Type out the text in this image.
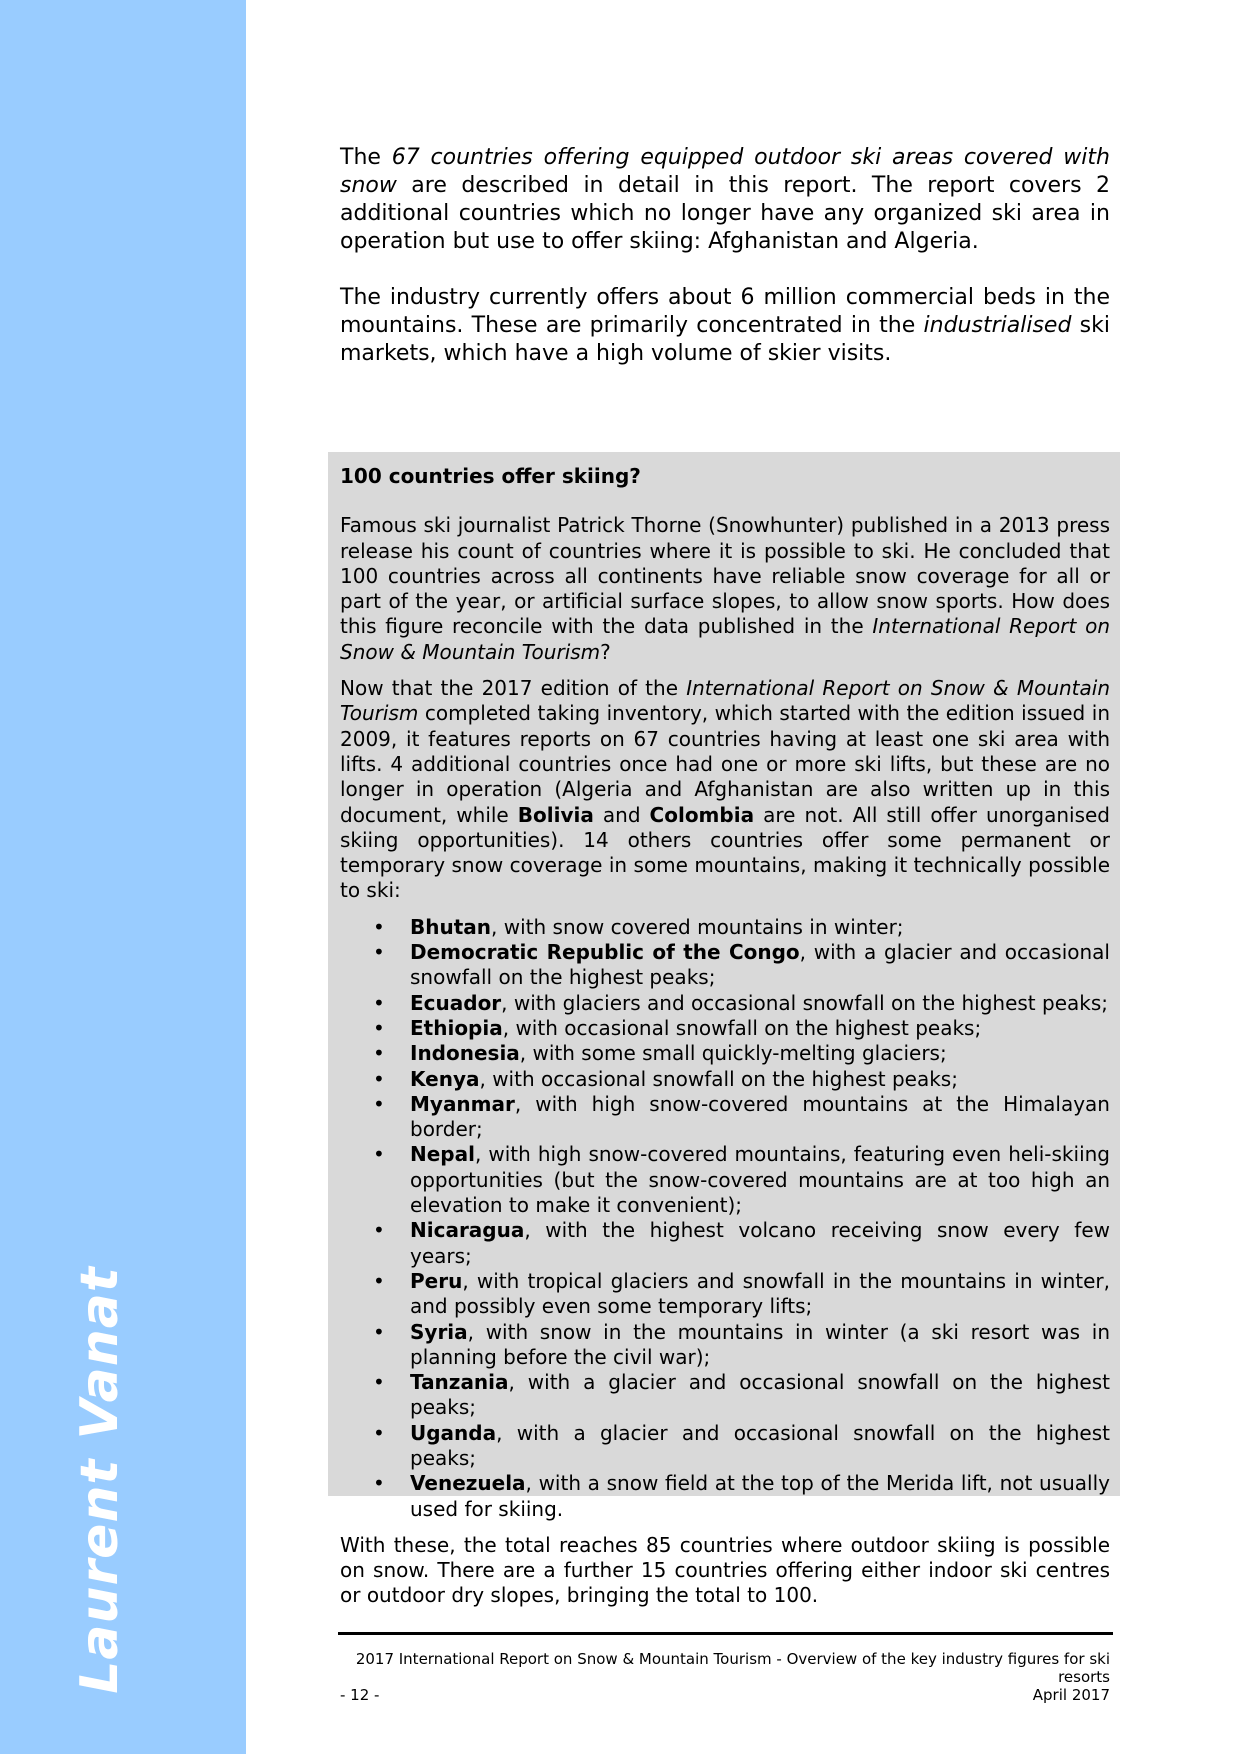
Laurent Vanat

The 67 countries offering equipped outdoor ski areas covered with snow are described in detail in this report. The report covers 2 additional countries which no longer have any organized ski area in operation but use to offer skiing: Afghanistan and Algeria.

The industry currently offers about 6 million commercial beds in the mountains. These are primarily concentrated in the industrialised ski markets, which have a high volume of skier visits.

100 countries offer skiing?

Famous ski journalist Patrick Thorne (Snowhunter) published in a 2013 press release his count of countries where it is possible to ski. He concluded that 100 countries across all continents have reliable snow coverage for all or part of the year, or artificial surface slopes, to allow snow sports. How does this figure reconcile with the data published in the International Report on Snow & Mountain Tourism?

Now that the 2017 edition of the International Report on Snow & Mountain Tourism completed taking inventory, which started with the edition issued in 2009, it features reports on 67 countries having at least one ski area with lifts. 4 additional countries once had one or more ski lifts, but these are no longer in operation (Algeria and Afghanistan are also written up in this document, while Bolivia and Colombia are not. All still offer unorganised skiing opportunities). 14 others countries offer some permanent or temporary snow coverage in some mountains, making it technically possible to ski:

• Bhutan, with snow covered mountains in winter;
• Democratic Republic of the Congo, with a glacier and occasional snowfall on the highest peaks;
• Ecuador, with glaciers and occasional snowfall on the highest peaks;
• Ethiopia, with occasional snowfall on the highest peaks;
• Indonesia, with some small quickly-melting glaciers;
• Kenya, with occasional snowfall on the highest peaks;
• Myanmar, with high snow-covered mountains at the Himalayan border;
• Nepal, with high snow-covered mountains, featuring even heli-skiing opportunities (but the snow-covered mountains are at too high an elevation to make it convenient);
• Nicaragua, with the highest volcano receiving snow every few years;
• Peru, with tropical glaciers and snowfall in the mountains in winter, and possibly even some temporary lifts;
• Syria, with snow in the mountains in winter (a ski resort was in planning before the civil war);
• Tanzania, with a glacier and occasional snowfall on the highest peaks;
• Uganda, with a glacier and occasional snowfall on the highest peaks;
• Venezuela, with a snow field at the top of the Merida lift, not usually used for skiing.

With these, the total reaches 85 countries where outdoor skiing is possible on snow. There are a further 15 countries offering either indoor ski centres or outdoor dry slopes, bringing the total to 100.

2017 International Report on Snow & Mountain Tourism - Overview of the key industry figures for ski resorts
April 2017
- 12 -
